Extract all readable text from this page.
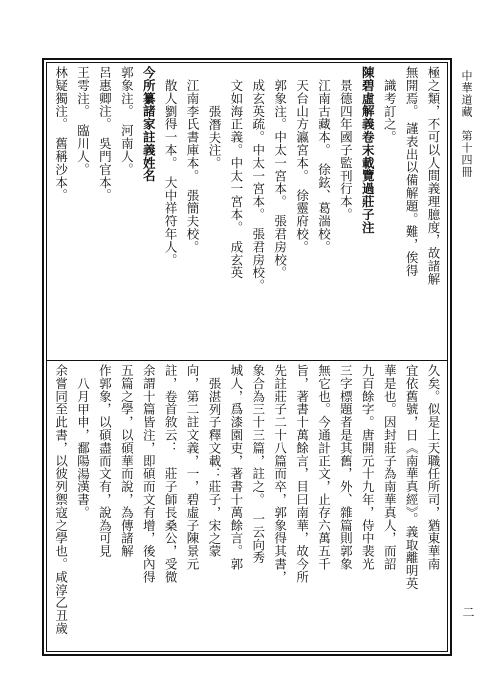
中華道藏　第十四冊
二
極之類，不可以人間義理臆度，故諸解
無開焉。 謹表出以備解題。難，俟得
識考訂之。
陳碧虛解義卷末載覽過莊子注
景德四年國子監刊行本。
江南古藏本。　徐鉉、葛湍校。
天台山方瀛宮本。　徐靈府校。
郭象注。中太一宮本。　張君房校。
成玄英疏。中太一宮本。　張君房校。
文如海正義。中太一宮本。　成玄英
張潛夫注。
江南李氏書庫本。　張簡夫校。
散人劉得一本。　大中祥符年人。
今所纂諸家註義姓名
郭象注。　河南人。
呂惠卿注。　吳門官本。
王雩注。　臨川人。
林疑獨注。　舊稱沙本。
久矣。似是上天職任所司，猶東華南
宜依舊號，日《南華真經》。義取離明英
華是也。因封莊子為南華真人，而詔
九百餘字。唐開元十九年，侍中裴光
三字標題者是其舊，外、雜篇則郭象
無它也。今通計正文，止存六萬五千
旨，著書十萬餘言，目曰南華，故今所
先註莊子二十八篇而卒，郭象得其書，
象合為三十三篇，註之。　一云向秀
城人，爲漆園吏，著書十萬餘言。郭
張湛列子釋文載：莊子，宋之蒙
向，第二註文義，一，碧虛子陳景元
註，卷首敘云：　莊子師長桑公，受微
余謂十篇皆注，即碩而文有增，後內得
五篇之學，以碩華而說，為傳諸解
作郭象，以碩盡而文有，說為可見
八月甲申，鄱陽湯漢書。
余嘗同至此書，以彼列禦寇之學也。咸淳乙丑歲
